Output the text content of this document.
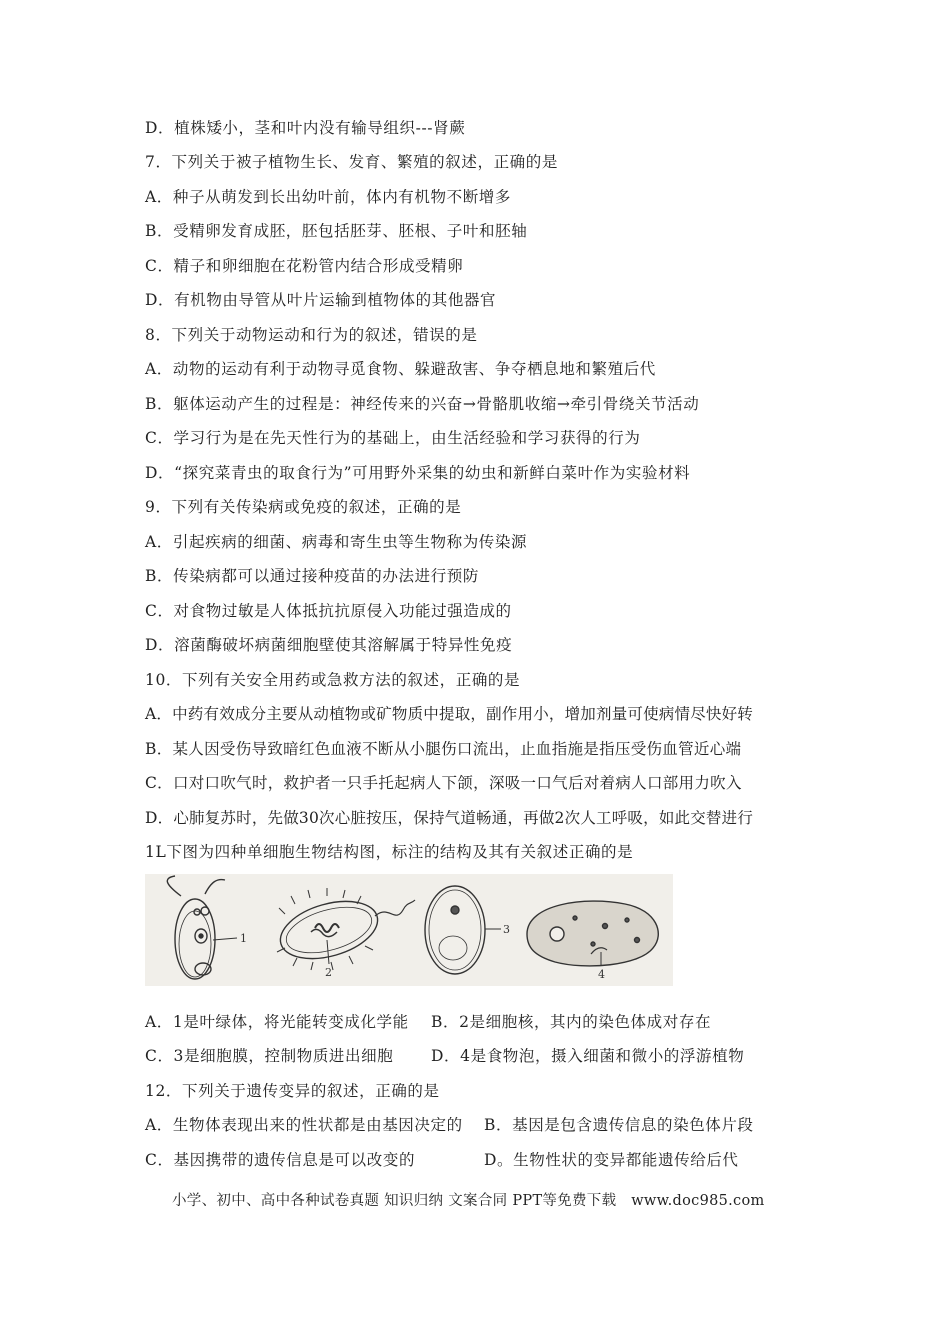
D．植株矮小，茎和叶内没有输导组织---肾蕨
7．下列关于被子植物生长、发育、繁殖的叙述，正确的是
A．种子从萌发到长出幼叶前，体内有机物不断增多
B．受精卵发育成胚，胚包括胚芽、胚根、子叶和胚轴
C．精子和卵细胞在花粉管内结合形成受精卵
D．有机物由导管从叶片运输到植物体的其他器官
8．下列关于动物运动和行为的叙述，错误的是
A．动物的运动有利于动物寻觅食物、躲避敌害、争夺栖息地和繁殖后代
B．躯体运动产生的过程是：神经传来的兴奋→骨骼肌收缩→牵引骨绕关节活动
C．学习行为是在先天性行为的基础上，由生活经验和学习获得的行为
D．“探究菜青虫的取食行为”可用野外采集的幼虫和新鲜白菜叶作为实验材料
9．下列有关传染病或免疫的叙述，正确的是
A．引起疾病的细菌、病毒和寄生虫等生物称为传染源
B．传染病都可以通过接种疫苗的办法进行预防
C．对食物过敏是人体抵抗抗原侵入功能过强造成的
D．溶菌酶破坏病菌细胞壁使其溶解属于特异性免疫
10．下列有关安全用药或急救方法的叙述，正确的是
A．中药有效成分主要从动植物或矿物质中提取，副作用小，增加剂量可使病情尽快好转
B．某人因受伤导致暗红色血液不断从小腿伤口流出，止血指施是指压受伤血管近心端
C．口对口吹气时，救护者一只手托起病人下颌，深吸一口气后对着病人口部用力吹入
D．心肺复苏时，先做30次心脏按压，保持气道畅通，再做2次人工呼吸，如此交替进行
1L下图为四种单细胞生物结构图，标注的结构及其有关叙述正确的是
1
2
3
4
A．1是叶绿体，将光能转变成化学能 B．2是细胞核，其内的染色体成对存在
C．3是细胞膜，控制物质进出细胞 D．4是食物泡，摄入细菌和微小的浮游植物
12．下列关于遗传变异的叙述，正确的是
A．生物体表现出来的性状都是由基因决定的 B．基因是包含遗传信息的染色体片段
C．基因携带的遗传信息是可以改变的	D。生物性状的变异都能遗传给后代
小学、初中、高中各种试卷真题 知识归纳 文案合同 PPT等免费下载　www.doc985.com
